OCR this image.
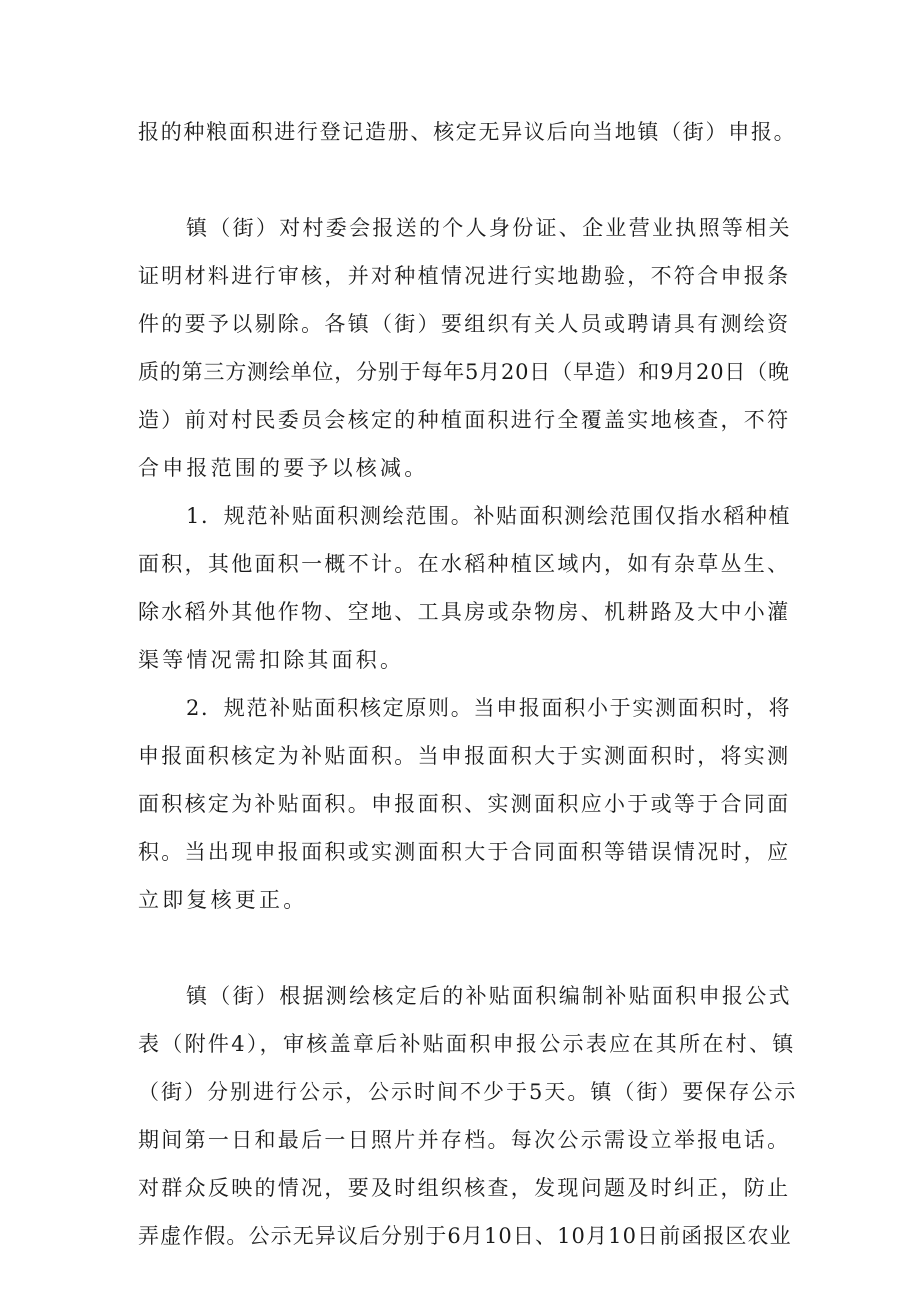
报的种粮面积进行登记造册、核定无异议后向当地镇（街）申报。
镇（街）对村委会报送的个人身份证、企业营业执照等相关
证明材料进行审核，并对种植情况进行实地勘验，不符合申报条
件的要予以剔除。各镇（街）要组织有关人员或聘请具有测绘资
质的第三方测绘单位，分别于每年5月20日（早造）和9月20日（晚
造）前对村民委员会核定的种植面积进行全覆盖实地核查，不符
合申报范围的要予以核减。
1．规范补贴面积测绘范围。补贴面积测绘范围仅指水稻种植
面积，其他面积一概不计。在水稻种植区域内，如有杂草丛生、
除水稻外其他作物、空地、工具房或杂物房、机耕路及大中小灌
渠等情况需扣除其面积。
2．规范补贴面积核定原则。当申报面积小于实测面积时，将
申报面积核定为补贴面积。当申报面积大于实测面积时，将实测
面积核定为补贴面积。申报面积、实测面积应小于或等于合同面
积。当出现申报面积或实测面积大于合同面积等错误情况时，应
立即复核更正。
镇（街）根据测绘核定后的补贴面积编制补贴面积申报公式
表（附件4），审核盖章后补贴面积申报公示表应在其所在村、镇
（街）分别进行公示，公示时间不少于5天。镇（街）要保存公示
期间第一日和最后一日照片并存档。每次公示需设立举报电话。
对群众反映的情况，要及时组织核查，发现问题及时纠正，防止
弄虚作假。公示无异议后分别于6月10日、10月10日前函报区农业
